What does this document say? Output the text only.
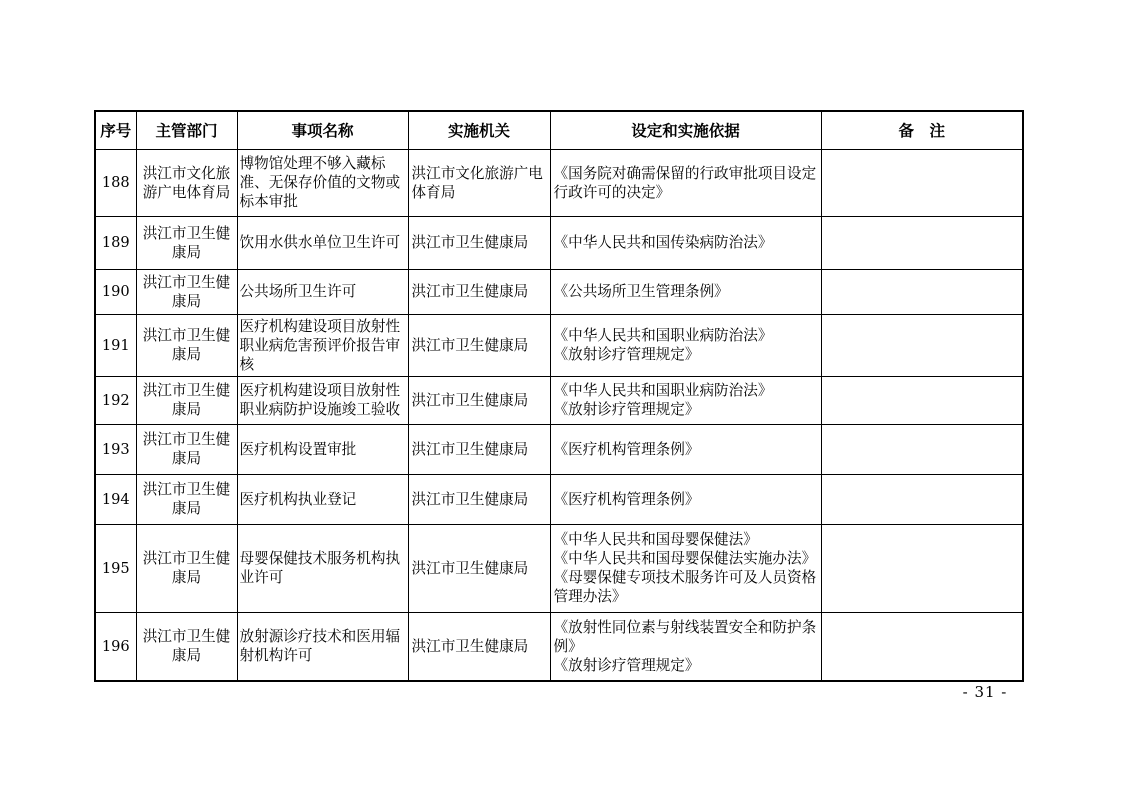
序号	主管部门	事项名称	实施机关	设定和实施依据	备　注
188	洪江市文化旅游广电体育局	博物馆处理不够入藏标准、无保存价值的文物或标本审批	洪江市文化旅游广电体育局	《国务院对确需保留的行政审批项目设定行政许可的决定》	

189	洪江市卫生健康局	饮用水供水单位卫生许可	洪江市卫生健康局	《中华人民共和国传染病防治法》	

190	洪江市卫生健康局	公共场所卫生许可	洪江市卫生健康局	《公共场所卫生管理条例》	

191	洪江市卫生健康局	医疗机构建设项目放射性职业病危害预评价报告审核	洪江市卫生健康局	《中华人民共和国职业病防治法》
《放射诊疗管理规定》	

192	洪江市卫生健康局	医疗机构建设项目放射性职业病防护设施竣工验收	洪江市卫生健康局	《中华人民共和国职业病防治法》
《放射诊疗管理规定》	

193	洪江市卫生健康局	医疗机构设置审批	洪江市卫生健康局	《医疗机构管理条例》	

194	洪江市卫生健康局	医疗机构执业登记	洪江市卫生健康局	《医疗机构管理条例》	

195	洪江市卫生健康局	母婴保健技术服务机构执业许可	洪江市卫生健康局	《中华人民共和国母婴保健法》
《中华人民共和国母婴保健法实施办法》
《母婴保健专项技术服务许可及人员资格管理办法》	

196	洪江市卫生健康局	放射源诊疗技术和医用辐射机构许可	洪江市卫生健康局	《放射性同位素与射线装置安全和防护条例》
《放射诊疗管理规定》	

- 31 -
